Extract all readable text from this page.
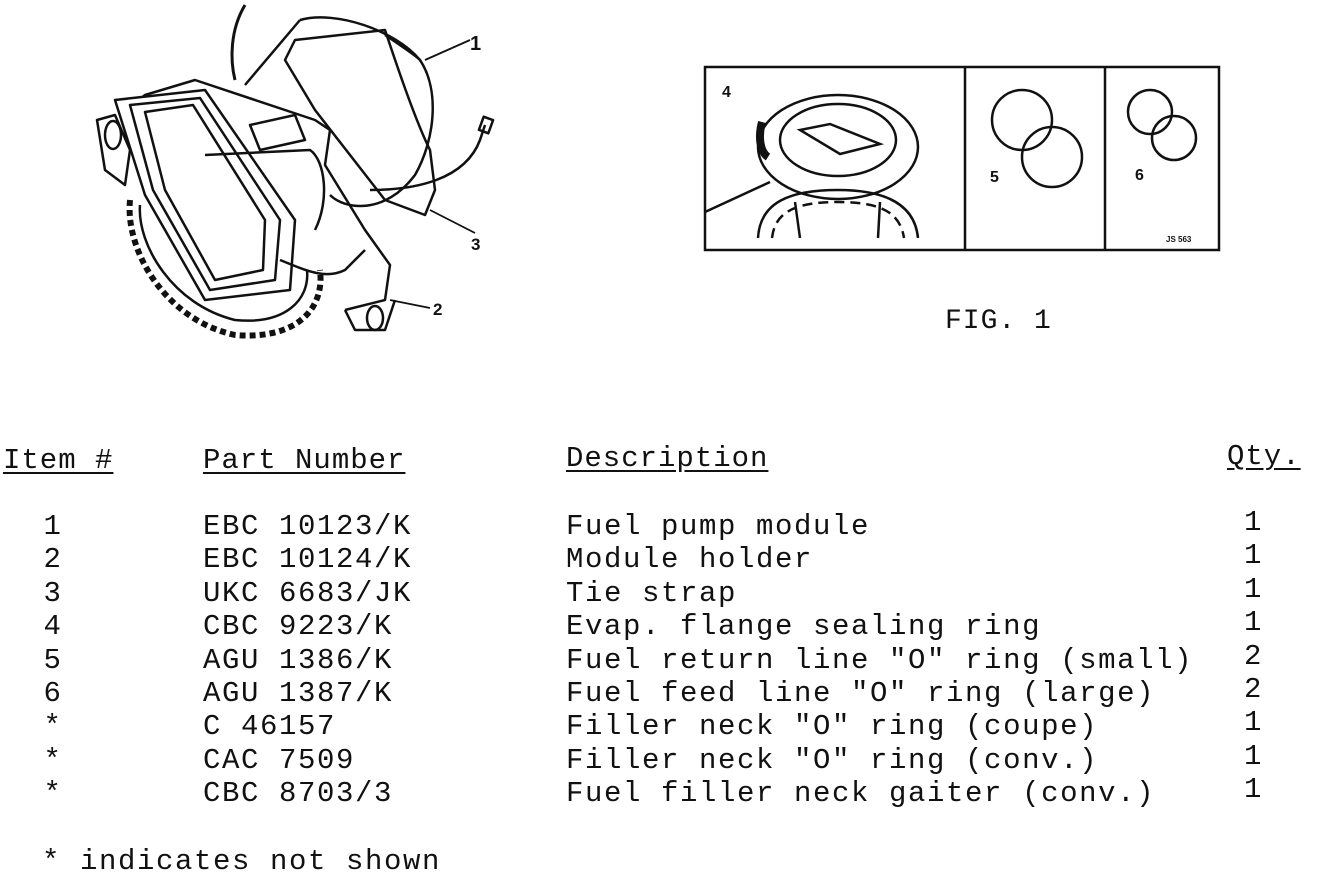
1
3
2
4
5	6
JS 563
FIG. 1
Item #	Part Number	Description	Qty.
1	EBC 10123/K	Fuel pump module	1
2	EBC 10124/K	Module holder	1
3	UKC 6683/JK	Tie strap	1
4	CBC 9223/K	Evap. flange sealing ring	1
5	AGU 1386/K	Fuel return line "O" ring (small) 2
6	AGU 1387/K	Fuel feed line "O" ring (large)	2
*	C 46157	Filler neck "O" ring (coupe)	1
*	CAC 7509	Filler neck "O" ring (conv.)	1
*	CBC 8703/3	Fuel filler neck gaiter (conv.)	1
* indicates not shown
